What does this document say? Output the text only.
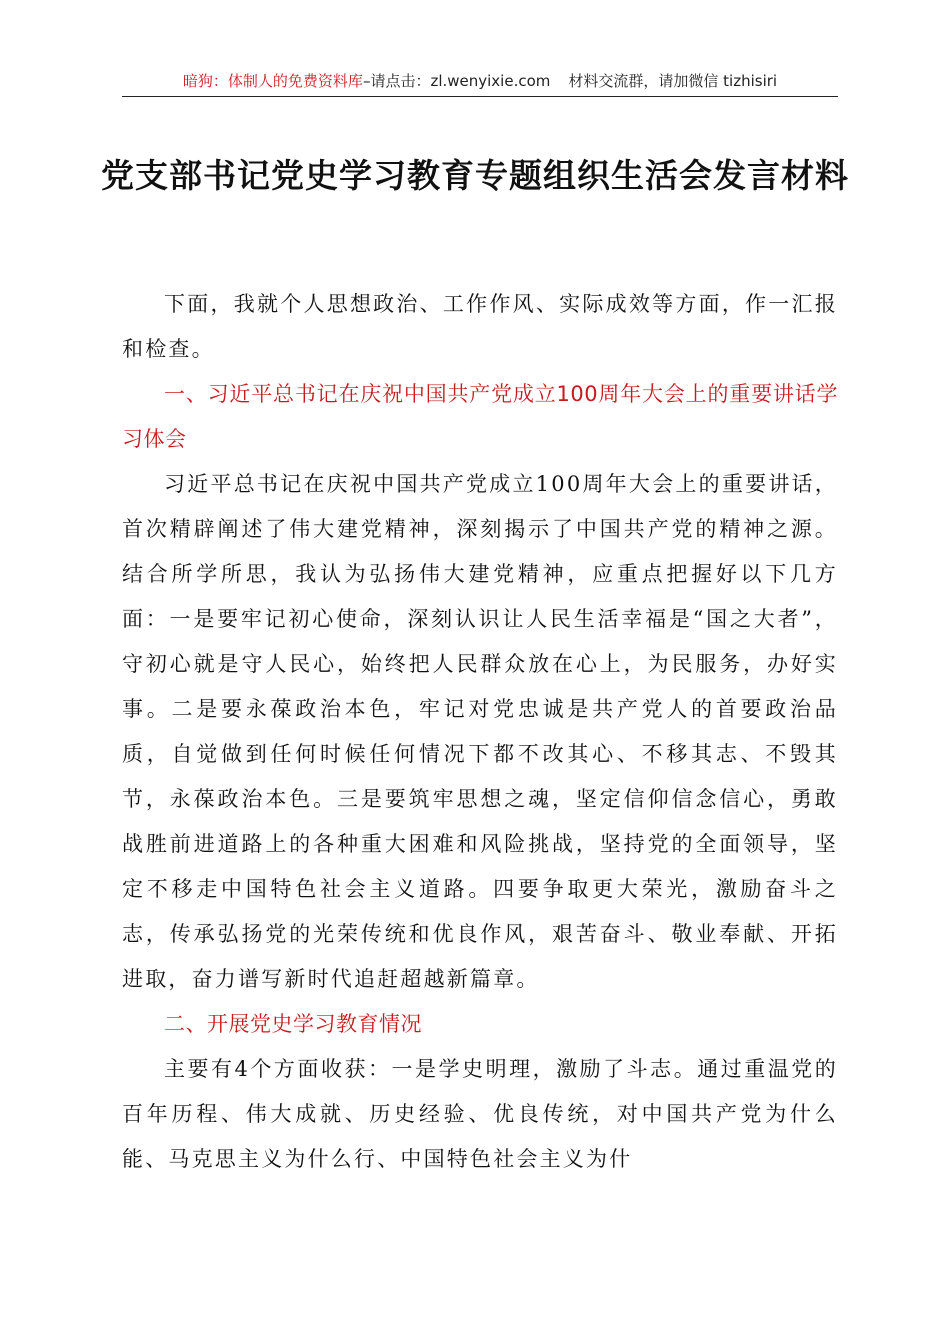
暗狗：体制人的免费资料库–请点击：zl.wenyixie.com 材料交流群，请加微信 tizhisiri
党支部书记党史学习教育专题组织生活会发言材料

下面，我就个人思想政治、工作作风、实际成效等方面，作一汇报和检查。

一、习近平总书记在庆祝中国共产党成立100周年大会上的重要讲话学习体会

习近平总书记在庆祝中国共产党成立100周年大会上的重要讲话，首次精辟阐述了伟大建党精神，深刻揭示了中国共产党的精神之源。结合所学所思，我认为弘扬伟大建党精神，应重点把握好以下几方面：一是要牢记初心使命，深刻认识让人民生活幸福是“国之大者”，守初心就是守人民心，始终把人民群众放在心上，为民服务，办好实事。二是要永葆政治本色，牢记对党忠诚是共产党人的首要政治品质，自觉做到任何时候任何情况下都不改其心、不移其志、不毁其节，永葆政治本色。三是要筑牢思想之魂，坚定信仰信念信心，勇敢战胜前进道路上的各种重大困难和风险挑战，坚持党的全面领导，坚定不移走中国特色社会主义道路。四要争取更大荣光，激励奋斗之志，传承弘扬党的光荣传统和优良作风，艰苦奋斗、敬业奉献、开拓进取，奋力谱写新时代追赶超越新篇章。

二、开展党史学习教育情况

主要有4个方面收获：一是学史明理，激励了斗志。通过重温党的百年历程、伟大成就、历史经验、优良传统，对中国共产党为什么能、马克思主义为什么行、中国特色社会主义为什
